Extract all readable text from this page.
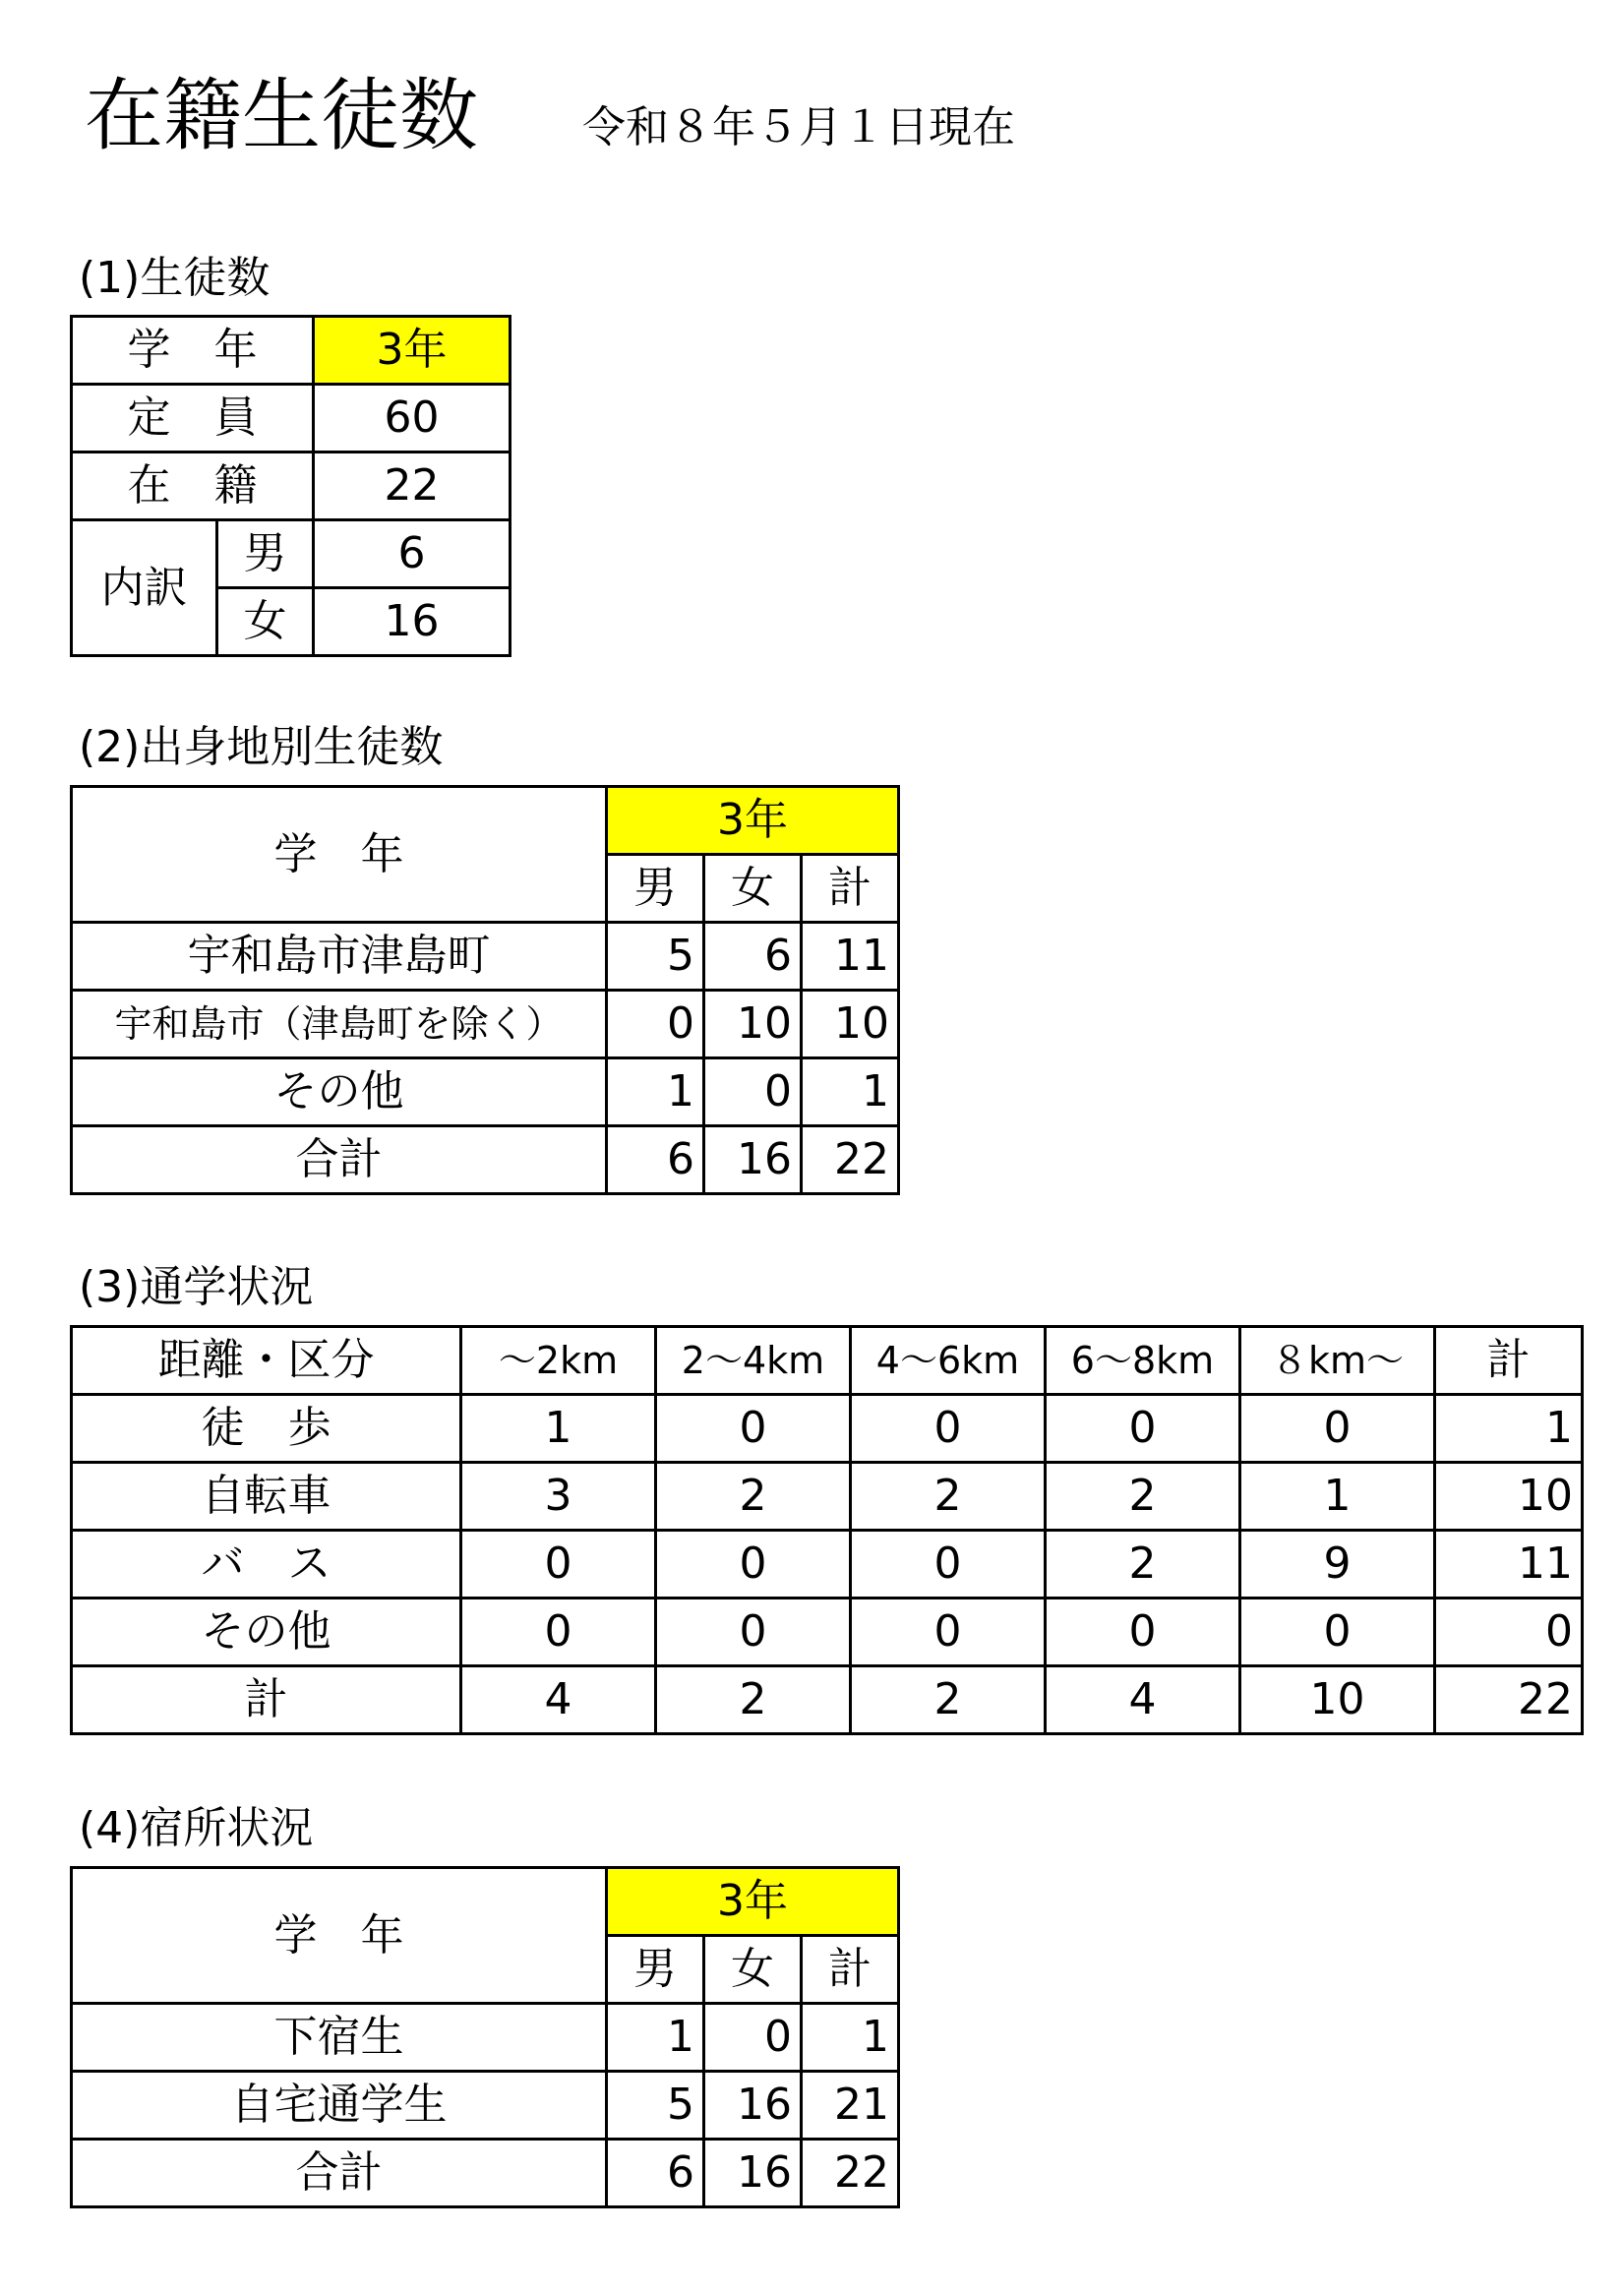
在籍生徒数 令和８年５月１日現在
(1)生徒数
学　年		3年
定　員		60
在　籍		22
内訳	男	6
	女	16
(2)出身地別生徒数
学　年	3年		
	男	女	計
宇和島市津島町	5	6	11
宇和島市（津島町を除く）	0	10	10
その他	1	0	1
合計	6	16	22
(3)通学状況
距離・区分	～2km	2～4km	4～6km	6～8km	８km～	計
徒　歩	1	0	0	0	0	1
自転車	3	2	2	2	1	10
バ　ス	0	0	0	2	9	11
その他	0	0	0	0	0	0
計	4	2	2	4	10	22
(4)宿所状況
学　年	3年		
	男	女	計
下宿生	1	0	1
自宅通学生	5	16	21
合計	6	16	22
